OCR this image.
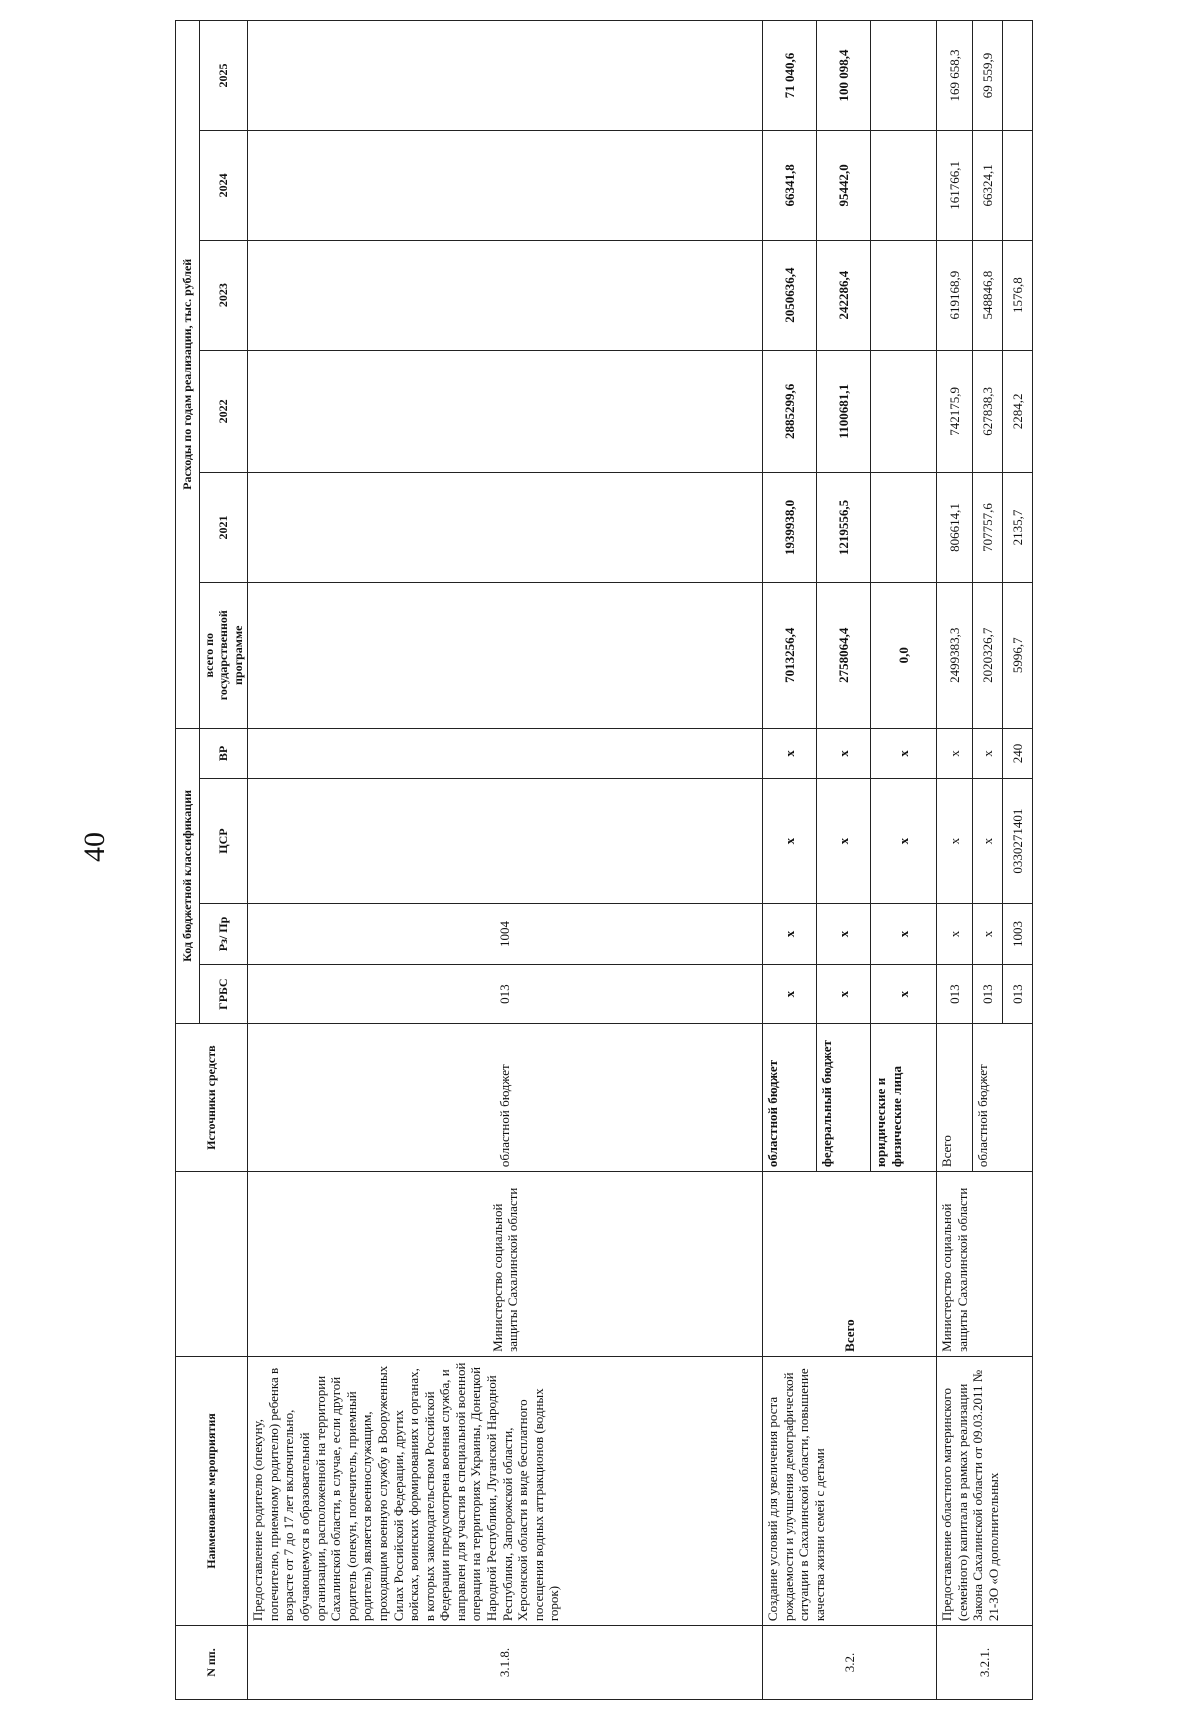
40
N пп.	Наименование мероприятия		Источники средств	Код бюджетной классификации				Расходы по годам реализации, тыс. рублей					
				ГРБС	Рз/ Пр	ЦСР	ВР	всего по государственной программе	2021	2022	2023	2024	2025
3.1.8.	Предоставление родителю (опекуну, попечителю, приемному родителю) ребенка в возрасте от 7 до 17 лет включительно, обучающемуся в образовательной организации, расположенной на территории Сахалинской области, в случае, если другой родитель (опекун, попечитель, приемный родитель) является военнослужащим, проходящим военную службу в Вооруженных Силах Российской Федерации, других войсках, воинских формированиях и органах, в которых законодательством Российской Федерации предусмотрена военная служба, и направлен для участия в специальной военной операции на территориях Украины, Донецкой Народной Республики, Луганской Народной Республики, Запорожской области, Херсонской области в виде бесплатного посещения водных аттракционов (водных горок)	Министерство социальной защиты Сахалинской области	областной бюджет	013	1004								
3.2.	Создание условий для увеличения роста рождаемости и улучшения демографической ситуации в Сахалинской области, повышение качества жизни семей с детьми	Всего	областной бюджет	х	х	х	х	7013256,4	1939938,0	2885299,6	2050636,4	66341,8	71 040,6
			федеральный бюджет	х	х	х	х	2758064,4	1219556,5	1100681,1	242286,4	95442,0	100 098,4
			юридические и физические лица	х	х	х	х	0,0					
3.2.1.	Предоставление областного материнского (семейного) капитала в рамках реализации Закона Сахалинской области от 09.03.2011 № 21-ЗО «О дополнительных	Министерство социальной защиты Сахалинской области	Всего	013	х	х	х	2499383,3	806614,1	742175,9	619168,9	161766,1	169 658,3
			областной бюджет	013	х	х	х	2020326,7	707757,6	627838,3	548846,8	66324,1	69 559,9
				013	1003	0330271401	240	5996,7	2135,7	2284,2	1576,8		
